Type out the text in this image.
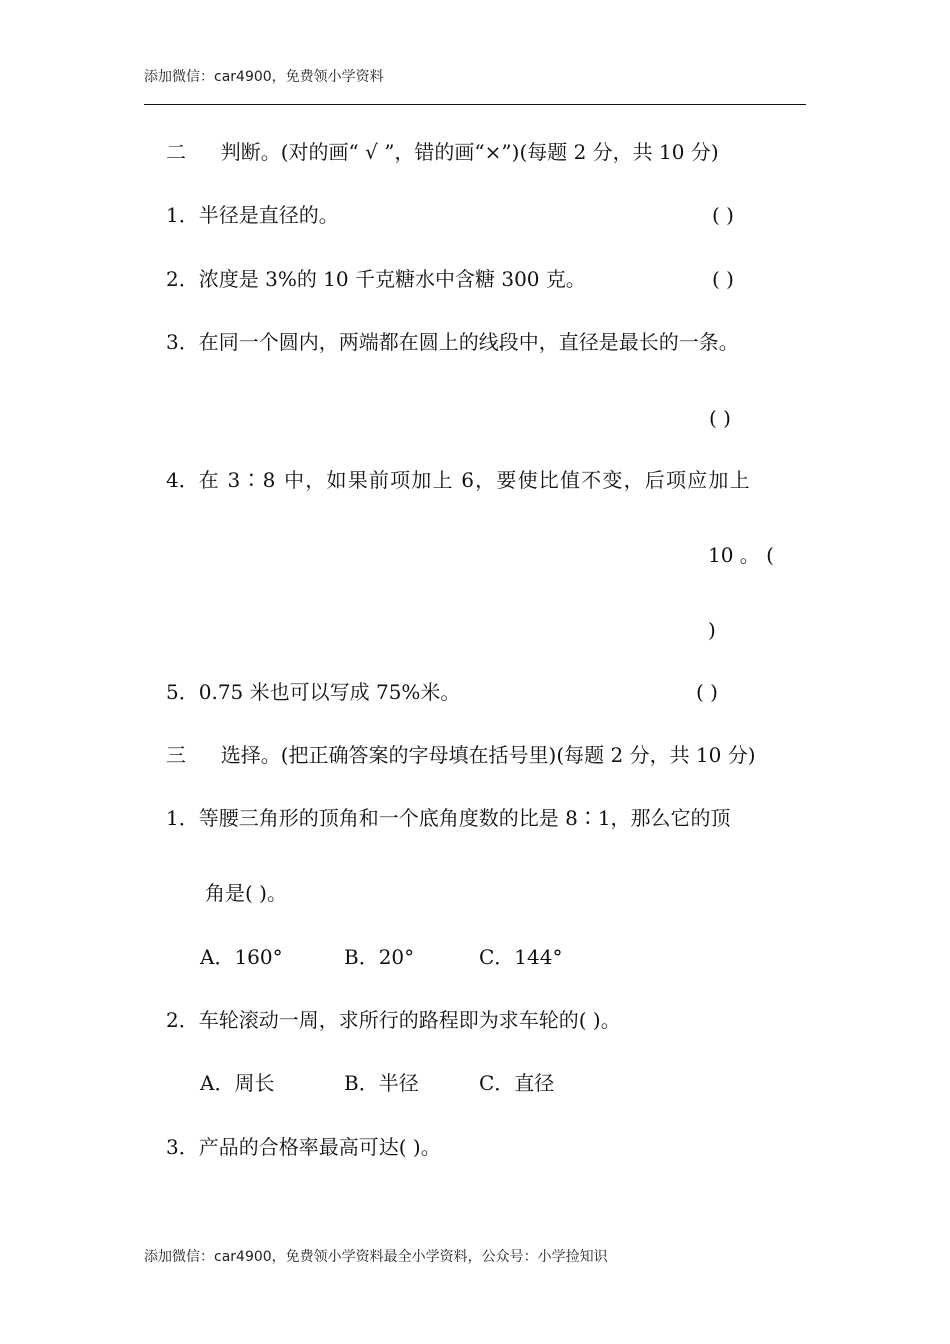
添加微信：car4900，免费领小学资料
二 判断。(对的画“ √ ”，错的画“×”)(每题 2 分，共 10 分)
1．半径是直径的。	( )
2．浓度是 3%的 10 千克糖水中含糖 300 克。	( )
3．在同一个圆内，两端都在圆上的线段中，直径是最长的一条。
( )
4．在 3∶8 中，如果前项加上 6，要使比值不变，后项应加上
10 。 (
)
5．0.75 米也可以写成 75%米。	( )
三 选择。(把正确答案的字母填在括号里)(每题 2 分，共 10 分)
1．等腰三角形的顶角和一个底角度数的比是 8∶1，那么它的顶
角是( )。
A．160°	B．20°	C．144°
2．车轮滚动一周，求所行的路程即为求车轮的( )。
A．周长	B．半径	C．直径
3．产品的合格率最高可达( )。
添加微信：car4900，免费领小学资料最全小学资料，公众号：小学捡知识
